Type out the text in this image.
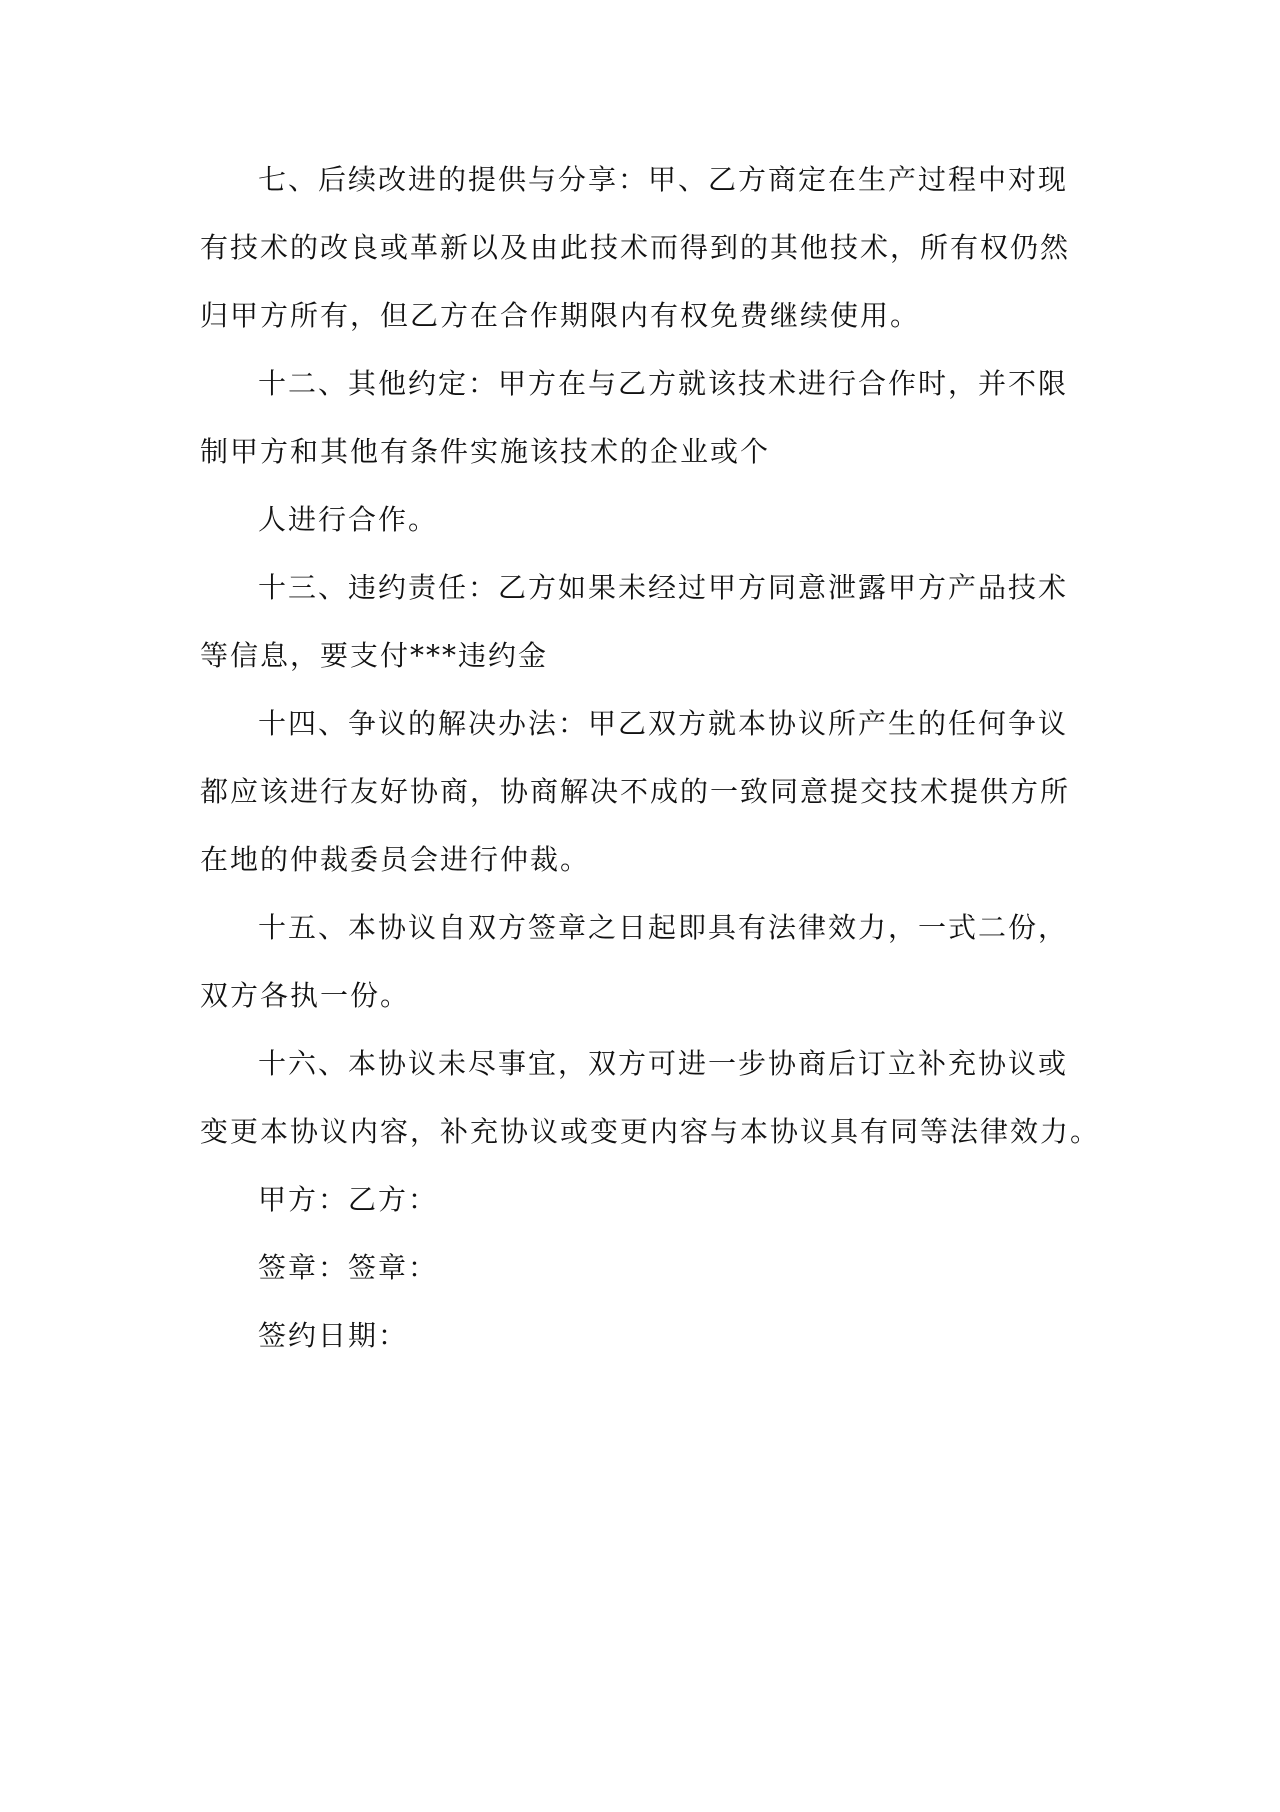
七、后续改进的提供与分享：甲、乙方商定在生产过程中对现
有技术的改良或革新以及由此技术而得到的其他技术，所有权仍然
归甲方所有，但乙方在合作期限内有权免费继续使用。
十二、其他约定：甲方在与乙方就该技术进行合作时，并不限
制甲方和其他有条件实施该技术的企业或个
人进行合作。
十三、违约责任：乙方如果未经过甲方同意泄露甲方产品技术
等信息，要支付***违约金
十四、争议的解决办法：甲乙双方就本协议所产生的任何争议
都应该进行友好协商，协商解决不成的一致同意提交技术提供方所
在地的仲裁委员会进行仲裁。
十五、本协议自双方签章之日起即具有法律效力，一式二份，
双方各执一份。
十六、本协议未尽事宜，双方可进一步协商后订立补充协议或
变更本协议内容，补充协议或变更内容与本协议具有同等法律效力。
甲方：乙方：
签章：签章：
签约日期：
